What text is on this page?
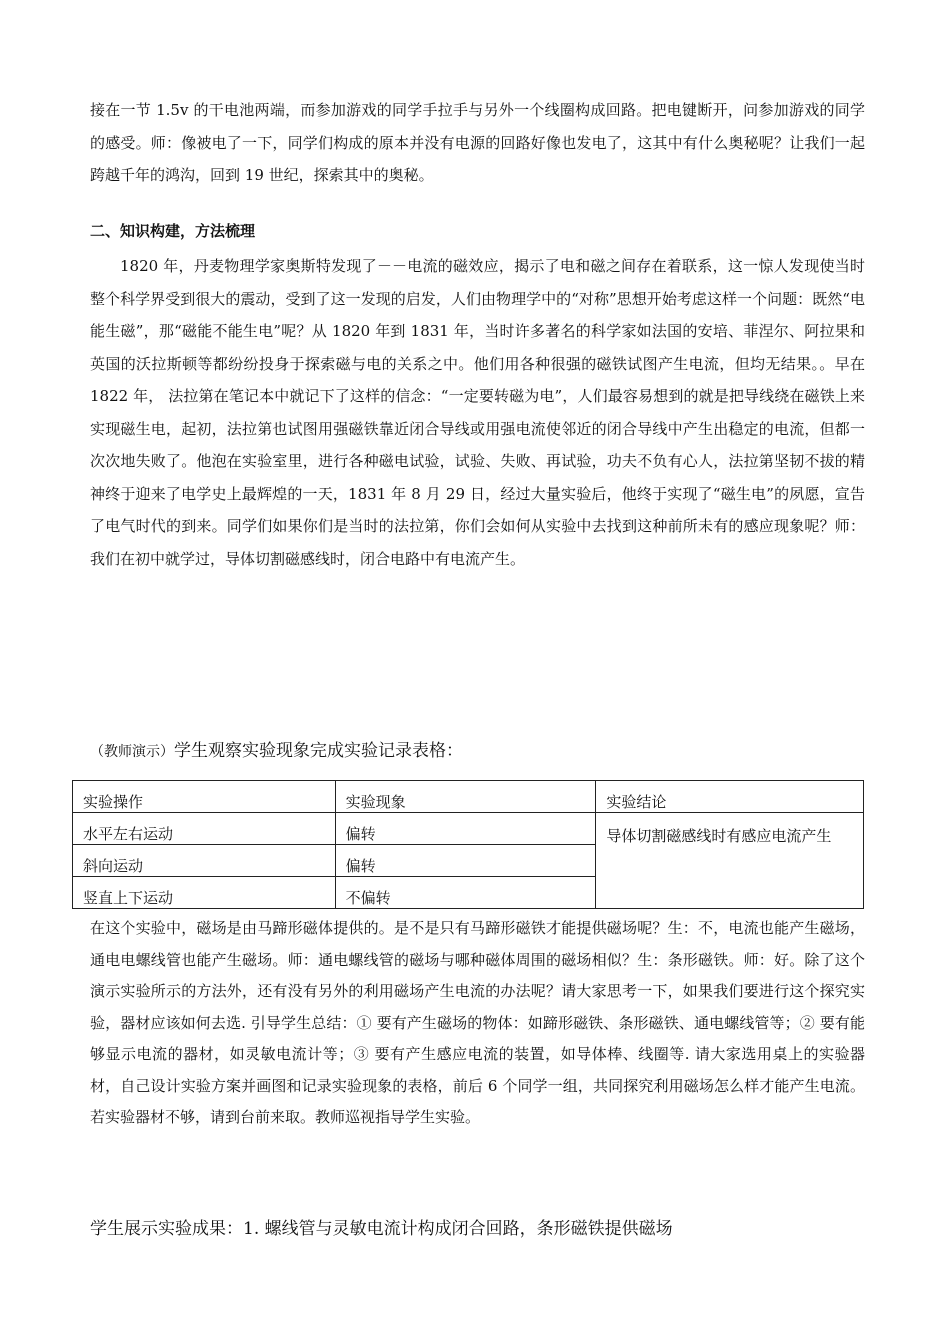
接在一节 1.5v 的干电池两端，而参加游戏的同学手拉手与另外一个线圈构成回路。把电键断开，问参加游戏的同学的感受。师：像被电了一下，同学们构成的原本并没有电源的回路好像也发电了，这其中有什么奥秘呢？让我们一起跨越千年的鸿沟，回到 19 世纪，探索其中的奥秘。

二、知识构建，方法梳理

1820 年，丹麦物理学家奥斯特发现了－－电流的磁效应，揭示了电和磁之间存在着联系，这一惊人发现使当时整个科学界受到很大的震动，受到了这一发现的启发，人们由物理学中的“对称”思想开始考虑这样一个问题：既然“电能生磁”，那“磁能不能生电”呢？从 1820 年到 1831 年，当时许多著名的科学家如法国的安培、菲涅尔、阿拉果和英国的沃拉斯顿等都纷纷投身于探索磁与电的关系之中。他们用各种很强的磁铁试图产生电流，但均无结果。。早在 1822 年， 法拉第在笔记本中就记下了这样的信念：“一定要转磁为电”，人们最容易想到的就是把导线绕在磁铁上来实现磁生电，起初，法拉第也试图用强磁铁靠近闭合导线或用强电流使邻近的闭合导线中产生出稳定的电流，但都一次次地失败了。他泡在实验室里，进行各种磁电试验，试验、失败、再试验，功夫不负有心人，法拉第坚韧不拔的精神终于迎来了电学史上最辉煌的一天，1831 年 8 月 29 日，经过大量实验后，他终于实现了“磁生电”的夙愿，宣告了电气时代的到来。同学们如果你们是当时的法拉第，你们会如何从实验中去找到这种前所未有的感应现象呢？师：我们在初中就学过，导体切割磁感线时，闭合电路中有电流产生。

（教师演示）学生观察实验现象完成实验记录表格：

实验操作	实验现象	实验结论
水平左右运动	偏转	导体切割磁感线时有感应电流产生
斜向运动	偏转	
竖直上下运动	不偏转	

在这个实验中，磁场是由马蹄形磁体提供的。是不是只有马蹄形磁铁才能提供磁场呢？生：不，电流也能产生磁场，通电电螺线管也能产生磁场。师：通电螺线管的磁场与哪种磁体周围的磁场相似？生：条形磁铁。师：好。除了这个演示实验所示的方法外，还有没有另外的利用磁场产生电流的办法呢？请大家思考一下，如果我们要进行这个探究实验，器材应该如何去选. 引导学生总结：① 要有产生磁场的物体：如蹄形磁铁、条形磁铁、通电螺线管等；② 要有能够显示电流的器材，如灵敏电流计等；③ 要有产生感应电流的装置，如导体棒、线圈等. 请大家选用桌上的实验器材，自己设计实验方案并画图和记录实验现象的表格，前后 6 个同学一组，共同探究利用磁场怎么样才能产生电流。若实验器材不够，请到台前来取。教师巡视指导学生实验。

学生展示实验成果：1. 螺线管与灵敏电流计构成闭合回路，条形磁铁提供磁场
